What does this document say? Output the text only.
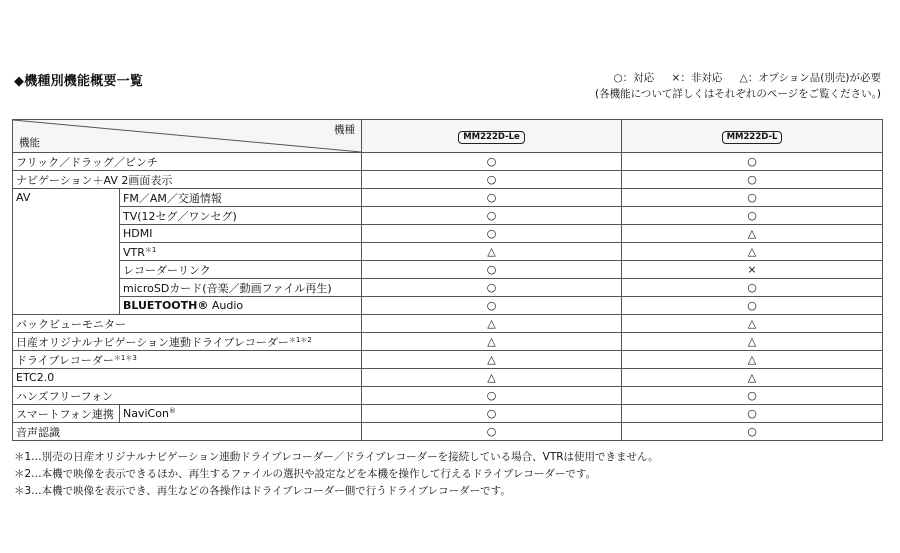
◆機種別機能概要一覧	○：対応 ×：非対応 △：オプション品(別売)が必要
(各機能について詳しくはそれぞれのページをご覧ください。)
機種
機能		MM222D-Le	MM222D-L
フリック／ドラッグ／ピンチ		○	○
ナビゲーション＋AV 2画面表示		○	○
AV	FM／AM／交通情報	○	○
	TV(12セグ／ワンセグ)	○	○
	HDMI	○	△
	$VTR^{*1}$	△	△
	レコーダーリンク	○	×
	microSDカード(音楽／動画ファイル再生)	○	○
	BLUETOOTH® Audio	○	○
バックビューモニター		△	△
日産オリジナルナビゲーション連動ドライブレコーダー$^{*1*2}$		△	△
ドライブレコーダー$^{*1*3}$		△	△
ETC2.0		△	△
ハンズフリーフォン		○	○
スマートフォン連携	NaviCon®	○	○
音声認識		○	○
＊1…別売の日産オリジナルナビゲーション連動ドライブレコーダー／ドライブレコーダーを接続している場合、VTRは使用できません。
＊2…本機で映像を表示できるほか、再生するファイルの選択や設定などを本機を操作して行えるドライブレコーダーです。
＊3…本機で映像を表示でき、再生などの各操作はドライブレコーダー側で行うドライブレコーダーです。
